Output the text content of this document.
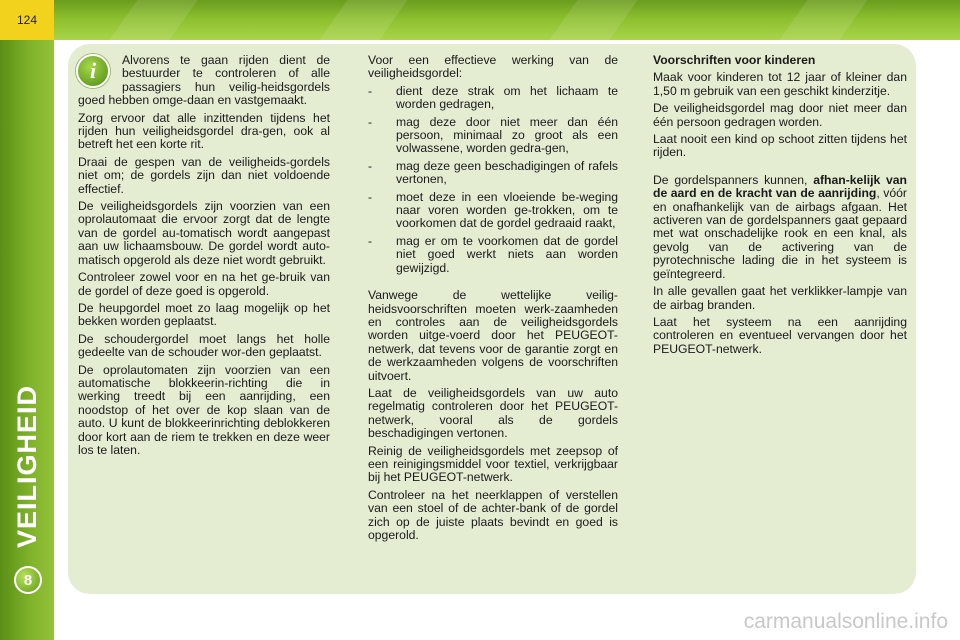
124
VEILIGHEID
8
i	Alvorens te gaan rijden dient de bestuurder te controleren of alle passagiers hun veilig-heidsgordels goed hebben omge-daan en vastgemaakt.

Zorg ervoor dat alle inzittenden tijdens het rijden hun veiligheidsgordel dra-gen, ook al betreft het een korte rit.

Draai de gespen van de veiligheids-gordels niet om; de gordels zijn dan niet voldoende effectief.

De veiligheidsgordels zijn voorzien van een oprolautomaat die ervoor zorgt dat de lengte van de gordel au-tomatisch wordt aangepast aan uw lichaamsbouw. De gordel wordt auto-matisch opgerold als deze niet wordt gebruikt.

Controleer zowel voor en na het ge-bruik van de gordel of deze goed is opgerold.

De heupgordel moet zo laag mogelijk op het bekken worden geplaatst.

De schoudergordel moet langs het holle gedeelte van de schouder wor-den geplaatst.

De oprolautomaten zijn voorzien van een automatische blokkeerin-richting die in werking treedt bij een aanrijding, een noodstop of het over de kop slaan van de auto. U kunt de blokkeerinrichting deblokkeren door kort aan de riem te trekken en deze weer los te laten.

Voor een effectieve werking van de veiligheidsgordel:

- dient deze strak om het lichaam te worden gedragen,
- mag deze door niet meer dan één persoon, minimaal zo groot als een volwassene, worden gedra-gen,
- mag deze geen beschadigingen of rafels vertonen,
- moet deze in een vloeiende be-weging naar voren worden ge-trokken, om te voorkomen dat de gordel gedraaid raakt,
- mag er om te voorkomen dat de gordel niet goed werkt niets aan worden gewijzigd.

Vanwege de wettelijke veilig-heidsvoorschriften moeten werk-zaamheden en controles aan de veiligheidsgordels worden uitge-voerd door het PEUGEOT-netwerk, dat tevens voor de garantie zorgt en de werkzaamheden volgens de voorschriften uitvoert.

Laat de veiligheidsgordels van uw auto regelmatig controleren door het PEUGEOT-netwerk, vooral als de gordels beschadigingen vertonen.

Reinig de veiligheidsgordels met zeepsop of een reinigingsmiddel voor textiel, verkrijgbaar bij het PEUGEOT-netwerk.

Controleer na het neerklappen of verstellen van een stoel of de achter-bank of de gordel zich op de juiste plaats bevindt en goed is opgerold.

Voorschriften voor kinderen

Maak voor kinderen tot 12 jaar of kleiner dan 1,50 m gebruik van een geschikt kinderzitje.

De veiligheidsgordel mag door niet meer dan één persoon gedragen worden.

Laat nooit een kind op schoot zitten tijdens het rijden.

De gordelspanners kunnen, afhan-kelijk van de aard en de kracht van de aanrijding, vóór en onafhankelijk van de airbags afgaan. Het activeren van de gordelspanners gaat gepaard met wat onschadelijke rook en een knal, als gevolg van de activering van de pyrotechnische lading die in het systeem is geïntegreerd.

In alle gevallen gaat het verklikker-lampje van de airbag branden.

Laat het systeem na een aanrijding controleren en eventueel vervangen door het PEUGEOT-netwerk.

carmanualsonline.info
